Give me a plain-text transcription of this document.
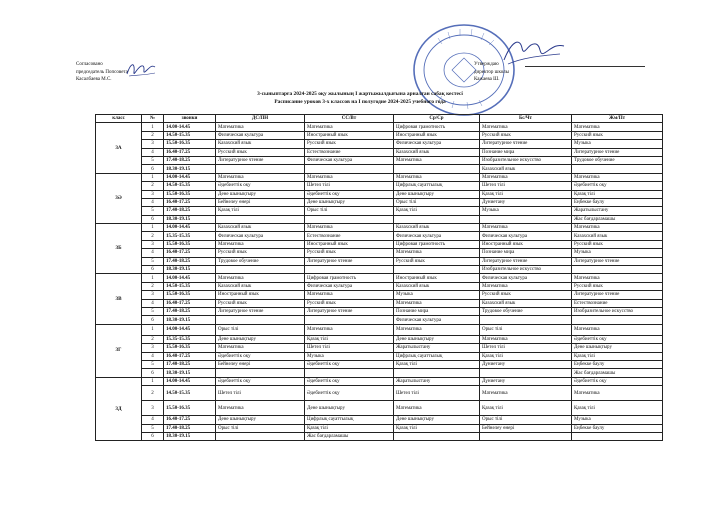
Согласовано
председатель Попсовета
Касалбаева М.С.
Утверждаю
директор школы
Кажаева Ш.
3-сыныптарға 2024-2025 оқу жылының I жартыжылдығына арналған сабақ кестесі
Расписание уроков 3-х классов на I полугодие 2024-2025 учебного года
класс	№	звонки	ДС/ПН	СС/Вт	Ср/Ср	Бс/Чт	Жм/Пт
3А	1	14.00-14.45	Математика	Математика	Цифровая грамотность	Математика	Математика
	2	14.50-15.35	Физическая культура	Иностранный язык	Иностранный язык	Русский язык	Русский язык
	3	15.50-16.35	Казахский язык	Русский язык	Физическая культура	Литературное чтение	Музыка
	4	16.40-17.25	Русский язык	Естествознание	Казахский язык	Познание мира	Литературное чтение
	5	17.40-18.25	Литературное чтение	Физическая культура	Математика	Изобразительное искусство	Трудовое обучение
	6	18.30-19.15				Казахский язык	
3Ә	1	14.00-14.45	Математика	Математика	Математика	Математика	Математика
	2	14.50-15.35	Әдебиеттік оқу	Шетел тілі	Цифрлық сауаттылық	Шетел тілі	Әдебиеттік оқу
	3	15.50-16.35	Дене шынықтыру	Әдебиеттік оқу	Дене шынықтыру	Қазақ тілі	Қазақ тілі
	4	16.40-17.25	Бейнелеу өнері	Дене шынықтыру	Орыс тілі	Дүниетану	Еңбекке баулу
	5	17.40-18.25	Қазақ тілі	Орыс тілі	Қазақ тілі	Музыка	Жаратылыстану
	6	18.30-19.15					Жас бағдарламашы
3Б	1	14.00-14.45	Казахский язык	Математика	Казахский язык	Математика	Математика
	2	15.35-15.35	Физическая культура	Естествознание	Физическая культура	Физическая культура	Казахский язык
	3	15.50-16.35	Математика	Иностранный язык	Цифровая грамотность	Иностранный язык	Русский язык
	4	16.40-17.25	Русский язык	Русский язык	Математика	Познание мира	Музыка
	5	17.40-18.25	Трудовое обучение	Литературное чтение	Русский язык	Литературное чтение	Литературное чтение
	6	18.30-19.15				Изобразительное искусство	
3В	1	14.00-14.45	Математика	Цифровая грамотность	Иностранный язык	Физическая культура	Математика
	2	14.50-15.35	Казахский язык	Физическая культура	Казахский язык	Математика	Русский язык
	3	15.50-16.35	Иностранный язык	Математика	Музыка	Русский язык	Литературное чтение
	4	16.40-17.25	Русский язык	Русский язык	Математика	Казахский язык	Естествознание
	5	17.40-18.25	Литературное чтение	Литературное чтение	Познание мира	Трудовое обучение	Изобразительное искусство
	6	18.30-19.15			Физическая культура		
3Г	1	14.00-14.45	Орыс тілі	Математика	Математика	Орыс тілі	Математика
	2	15.35-15.35	Дене шынықтыру	Қазақ тілі	Дене шынықтыру	Математика	Әдебиеттік оқу
	3	15.50-16.35	Математика	Шетел тілі	Жаратылыстану	Шетел тілі	Дене шынықтыру
	4	16.40-17.25	Әдебиеттік оқу	Музыка	Цифрлық сауаттылық	Қазақ тілі	Қазақ тілі
	5	17.40-18.25	Бейнелеу өнері	Әдебиеттік оқу	Қазақ тілі	Дүниетану	Еңбекке баулу
	6	18.30-19.15					Жас бағдарламашы
3Д	1	14.00-14.45	Әдебиеттік оқу	Әдебиеттік оқу	Жаратылыстану	Дүниетану	Әдебиеттік оқу
	2	14.50-15.35	Шетел тілі	Әдебиеттік оқу	Шетел тілі	Математика	Математика
	3	15.50-16.35	Математика	Дене шынықтыру	Математика	Қазақ тілі	Қазақ тілі
	4	16.40-17.25	Дене шынықтыру	Цифрлық сауаттылық	Дене шынықтыру	Орыс тілі	Музыка
	5	17.40-18.25	Орыс тілі	Қазақ тілі	Қазақ тілі	Бейнелеу өнері	Еңбекке баулу
	6	18.30-19.15		Жас бағдарламашы			
